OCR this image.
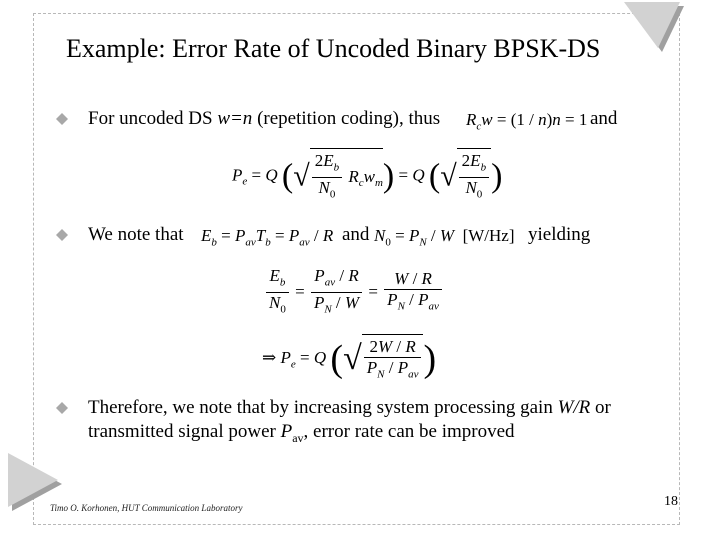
Example: Error Rate of Uncoded Binary BPSK-DS
For uncoded DS w=n (repetition coding), thus $R_cw = (1 / n)n = 1$ and
$P_e = Q$ (√ $\frac{2E_b}{N_0} R_cw_m) = Q$ (√ $\frac{2E_b}{N_0}$ )
We note that $E_b = P_{av}T_b = P_{av} / R$ and $N_0 = P_N / W$  [W/Hz] yielding
$\frac{E_b}{N_0} = \frac{P_{av} / R}{P_N / W} = \frac{W / R}{P_N / P_{av}}$
⇒ $P_e = Q$ (√ $\frac{2W / R}{P_N / P_{av}}$ )
Therefore, we note that by increasing system processing gain W/R or
transmitted signal power $P_{av}$, error rate can be improved
Timo O. Korhonen, HUT Communication Laboratory	18
